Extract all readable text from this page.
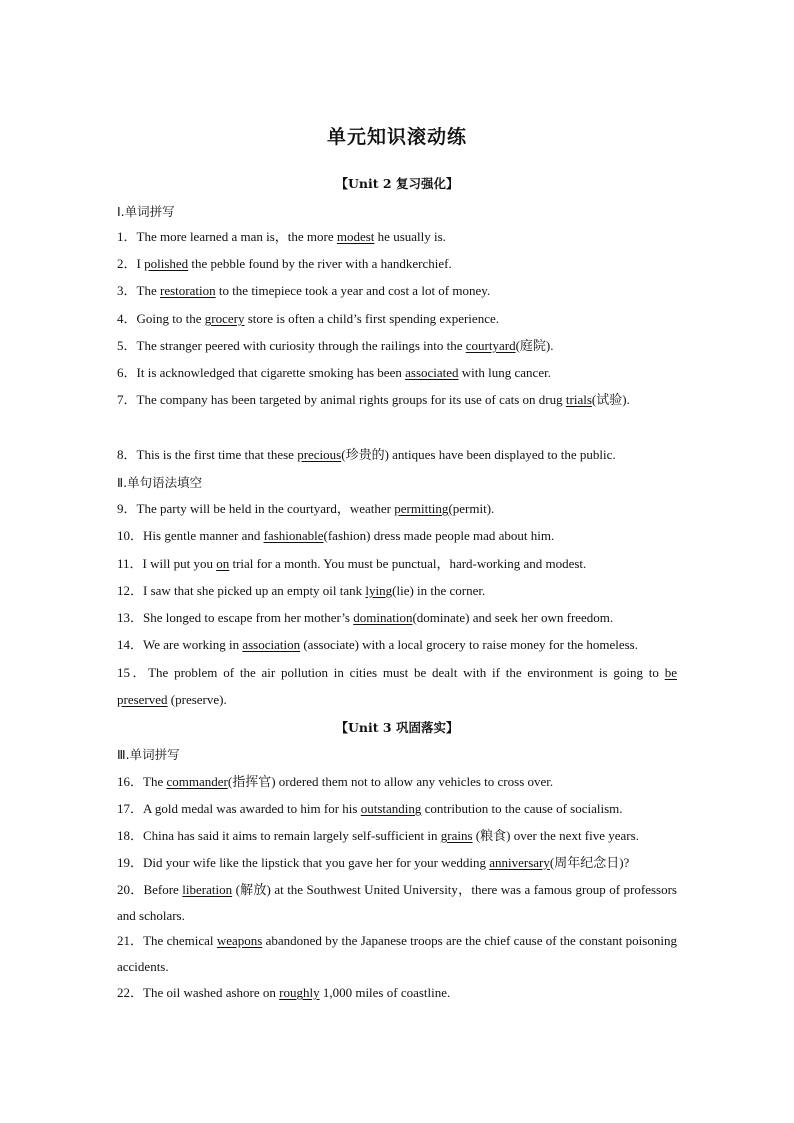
单元知识滚动练
【Unit 2 复习强化】
Ⅰ.单词拼写
1．The more learned a man is，the more modest he usually is.
2．I polished the pebble found by the river with a handkerchief.
3．The restoration to the timepiece took a year and cost a lot of money.
4．Going to the grocery store is often a child’s first spending experience.
5．The stranger peered with curiosity through the railings into the courtyard(庭院).
6．It is acknowledged that cigarette smoking has been associated with lung cancer.
7．The company has been targeted by animal rights groups for its use of cats on drug trials(试验).
8．This is the first time that these precious(珍贵的) antiques have been displayed to the public.
Ⅱ.单句语法填空
9．The party will be held in the courtyard，weather permitting(permit).
10．His gentle manner and fashionable(fashion) dress made people mad about him.
11．I will put you on trial for a month. You must be punctual，hard-working and modest.
12．I saw that she picked up an empty oil tank lying(lie) in the corner.
13．She longed to escape from her mother’s domination(dominate) and seek her own freedom.
14．We are working in association (associate) with a local grocery to raise money for the homeless.
15．The problem of the air pollution in cities must be dealt with if the environment is going to be preserved (preserve).
【Unit 3 巩固落实】
Ⅲ.单词拼写
16．The commander(指挥官) ordered them not to allow any vehicles to cross over.
17．A gold medal was awarded to him for his outstanding contribution to the cause of socialism.
18．China has said it aims to remain largely self-sufficient in grains (粮食) over the next five years.
19．Did your wife like the lipstick that you gave her for your wedding anniversary(周年纪念日)?
20．Before liberation (解放) at the Southwest United University，there was a famous group of professors and scholars.
21．The chemical weapons abandoned by the Japanese troops are the chief cause of the constant poisoning accidents.
22．The oil washed ashore on roughly 1,000 miles of coastline.
